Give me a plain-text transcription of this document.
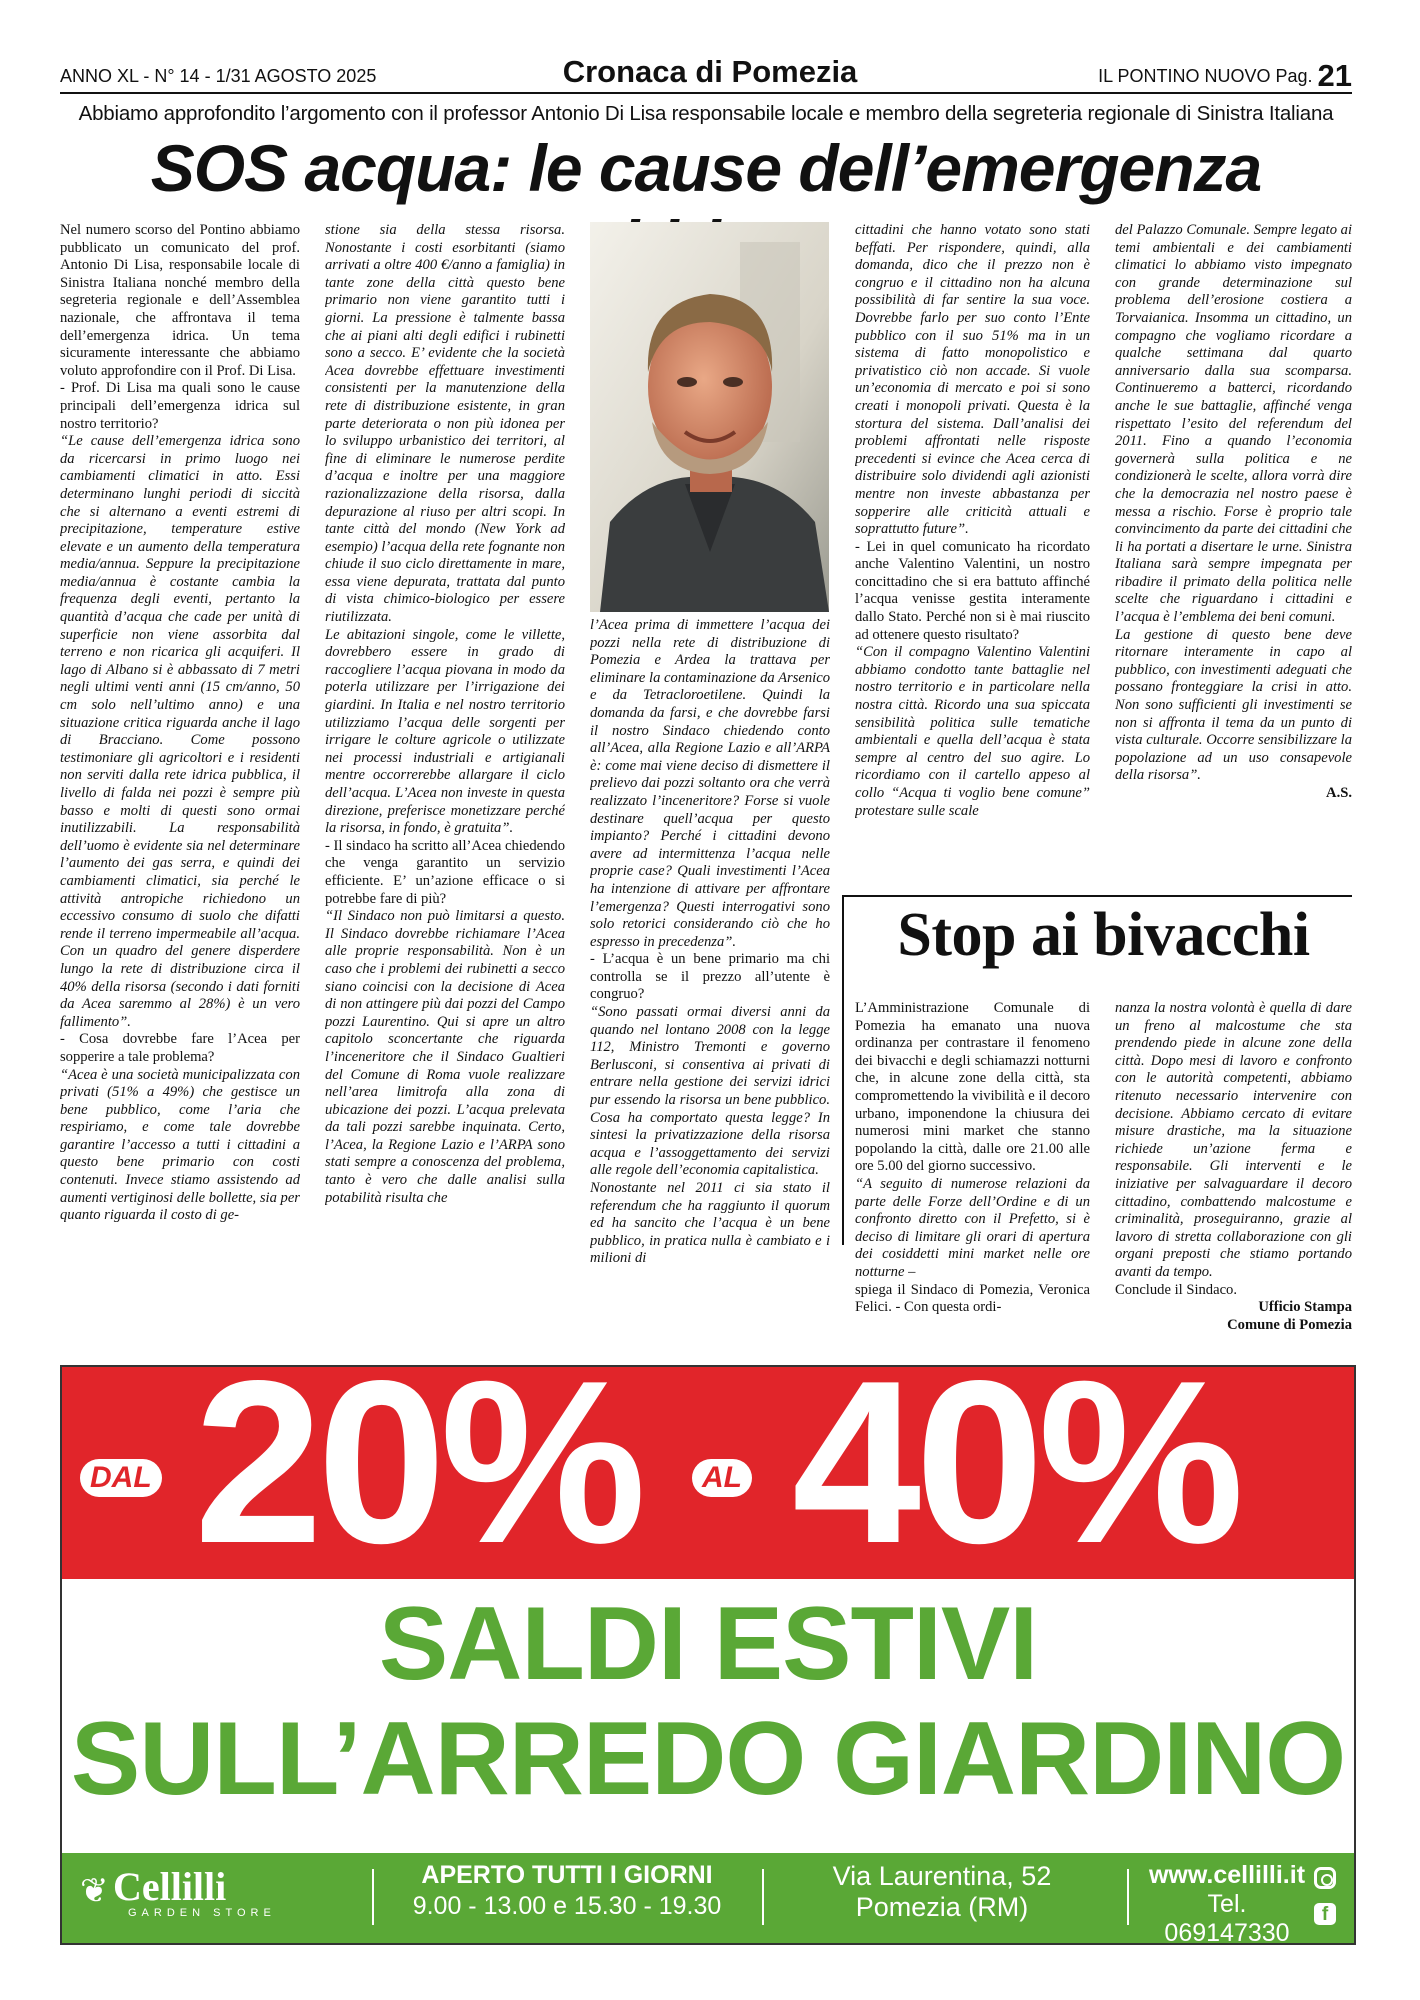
ANNO XL - N° 14 - 1/31 AGOSTO 2025	Cronaca di Pomezia	IL PONTINO NUOVO Pag. 21
Abbiamo approfondito l’argomento con il professor Antonio Di Lisa responsabile locale e membro della segreteria regionale di Sinistra Italiana
SOS acqua: le cause dell’emergenza

Nel numero scorso del Pontino abbiamo pubblicato un comunicato del prof. Antonio Di Lisa, responsabile locale di Sinistra Italiana nonché membro della segreteria regionale e dell’Assemblea nazionale, che affrontava il tema dell’emergenza idrica. Un tema sicuramente interessante che abbiamo voluto approfondire con il Prof. Di Lisa.

- Prof. Di Lisa ma quali sono le cause principali dell’emergenza idrica sul nostro territorio?

“Le cause dell’emergenza idrica sono da ricercarsi in primo luogo nei cambiamenti climatici in atto. Essi determinano lunghi periodi di siccità che si alternano a eventi estremi di precipitazione, temperature estive elevate e un aumento della temperatura media/annua. Seppure la precipitazione media/annua è costante cambia la frequenza degli eventi, pertanto la quantità d’acqua che cade per unità di superficie non viene assorbita dal terreno e non ricarica gli acquiferi. Il lago di Albano si è abbassato di 7 metri negli ultimi venti anni (15 cm/anno, 50 cm solo nell’ultimo anno) e una situazione critica riguarda anche il lago di Bracciano. Come possono testimoniare gli agricoltori e i residenti non serviti dalla rete idrica pubblica, il livello di falda nei pozzi è sempre più basso e molti di questi sono ormai inutilizzabili. La responsabilità dell’uomo è evidente sia nel determinare l’aumento dei gas serra, e quindi dei cambiamenti climatici, sia perché le attività antropiche richiedono un eccessivo consumo di suolo che difatti rende il terreno impermeabile all’acqua. Con un quadro del genere disperdere lungo la rete di distribuzione circa il 40% della risorsa (secondo i dati forniti da Acea saremmo al 28%) è un vero fallimento”.

- Cosa dovrebbe fare l’Acea per sopperire a tale problema?

“Acea è una società municipalizzata con privati (51% a 49%) che gestisce un bene pubblico, come l’aria che respiriamo, e come tale dovrebbe garantire l’accesso a tutti i cittadini a questo bene primario con costi contenuti. Invece stiamo assistendo ad aumenti vertiginosi delle bollette, sia per quanto riguarda il costo di ge-

stione sia della stessa risorsa. Nonostante i costi esorbitanti (siamo arrivati a oltre 400 €/anno a famiglia) in tante zone della città questo bene primario non viene garantito tutti i giorni. La pressione è talmente bassa che ai piani alti degli edifici i rubinetti sono a secco. E’ evidente che la società Acea dovrebbe effettuare investimenti consistenti per la manutenzione della rete di distribuzione esistente, in gran parte deteriorata o non più idonea per lo sviluppo urbanistico dei territori, al fine di eliminare le numerose perdite d’acqua e inoltre per una maggiore razionalizzazione della risorsa, dalla depurazione al riuso per altri scopi. In tante città del mondo (New York ad esempio) l’acqua della rete fognante non chiude il suo ciclo direttamente in mare, essa viene depurata, trattata dal punto di vista chimico-biologico per essere riutilizzata.

Le abitazioni singole, come le villette, dovrebbero essere in grado di raccogliere l’acqua piovana in modo da poterla utilizzare per l’irrigazione dei giardini. In Italia e nel nostro territorio utilizziamo l’acqua delle sorgenti per irrigare le colture agricole o utilizzate nei processi industriali e artigianali mentre occorrerebbe allargare il ciclo dell’acqua. L’Acea non investe in questa direzione, preferisce monetizzare perché la risorsa, in fondo, è gratuita”.

- Il sindaco ha scritto all’Acea chiedendo che venga garantito un servizio efficiente. E’ un’azione efficace o si potrebbe fare di più?

“Il Sindaco non può limitarsi a questo. Il Sindaco dovrebbe richiamare l’Acea alle proprie responsabilità. Non è un caso che i problemi dei rubinetti a secco siano coincisi con la decisione di Acea di non attingere più dai pozzi del Campo pozzi Laurentino. Qui si apre un altro capitolo sconcertante che riguarda l’inceneritore che il Sindaco Gualtieri del Comune di Roma vuole realizzare nell’area limitrofa alla zona di ubicazione dei pozzi. L’acqua prelevata da tali pozzi sarebbe inquinata. Certo, l’Acea, la Regione Lazio e l’ARPA sono stati sempre a conoscenza del problema, tanto è vero che dalle analisi sulla potabilità risulta che

l’Acea prima di immettere l’acqua dei pozzi nella rete di distribuzione di Pomezia e Ardea la trattava per eliminare la contaminazione da Arsenico e da Tetracloroetilene. Quindi la domanda da farsi, e che dovrebbe farsi il nostro Sindaco chiedendo conto all’Acea, alla Regione Lazio e all’ARPA è: come mai viene deciso di dismettere il prelievo dai pozzi soltanto ora che verrà realizzato l’inceneritore? Forse si vuole destinare quell’acqua per questo impianto? Perché i cittadini devono avere ad intermittenza l’acqua nelle proprie case? Quali investimenti l’Acea ha intenzione di attivare per affrontare l’emergenza? Questi interrogativi sono solo retorici considerando ciò che ho espresso in precedenza”.

- L’acqua è un bene primario ma chi controlla se il prezzo all’utente è congruo?

“Sono passati ormai diversi anni da quando nel lontano 2008 con la legge 112, Ministro Tremonti e governo Berlusconi, si consentiva ai privati di entrare nella gestione dei servizi idrici pur essendo la risorsa un bene pubblico. Cosa ha comportato questa legge? In sintesi la privatizzazione della risorsa acqua e l’assoggettamento dei servizi alle regole dell’economia capitalistica.

Nonostante nel 2011 ci sia stato il referendum che ha raggiunto il quorum ed ha sancito che l’acqua è un bene pubblico, in pratica nulla è cambiato e i milioni di

cittadini che hanno votato sono stati beffati. Per rispondere, quindi, alla domanda, dico che il prezzo non è congruo e il cittadino non ha alcuna possibilità di far sentire la sua voce. Dovrebbe farlo per suo conto l’Ente pubblico con il suo 51% ma in un sistema di fatto monopolistico e privatistico ciò non accade. Si vuole un’economia di mercato e poi si sono creati i monopoli privati. Questa è la stortura del sistema. Dall’analisi dei problemi affrontati nelle risposte precedenti si evince che Acea cerca di distribuire solo dividendi agli azionisti mentre non investe abbastanza per sopperire alle criticità attuali e soprattutto future”.

- Lei in quel comunicato ha ricordato anche Valentino Valentini, un nostro concittadino che si era battuto affinché l’acqua venisse gestita interamente dallo Stato. Perché non si è mai riuscito ad ottenere questo risultato?

“Con il compagno Valentino Valentini abbiamo condotto tante battaglie nel nostro territorio e in particolare nella nostra città. Ricordo una sua spiccata sensibilità politica sulle tematiche ambientali e quella dell’acqua è stata sempre al centro del suo agire. Lo ricordiamo con il cartello appeso al collo “Acqua ti voglio bene comune” protestare sulle scale

del Palazzo Comunale. Sempre legato ai temi ambientali e dei cambiamenti climatici lo abbiamo visto impegnato con grande determinazione sul problema dell’erosione costiera a Torvaianica. Insomma un cittadino, un compagno che vogliamo ricordare a qualche settimana dal quarto anniversario dalla sua scomparsa. Continueremo a batterci, ricordando anche le sue battaglie, affinché venga rispettato l’esito del referendum del 2011. Fino a quando l’economia governerà sulla politica e ne condizionerà le scelte, allora vorrà dire che la democrazia nel nostro paese è messa a rischio. Forse è proprio tale convincimento da parte dei cittadini che li ha portati a disertare le urne. Sinistra Italiana sarà sempre impegnata per ribadire il primato della politica nelle scelte che riguardano i cittadini e l’acqua è l’emblema dei beni comuni.

La gestione di questo bene deve ritornare interamente in capo al pubblico, con investimenti adeguati che possano fronteggiare la crisi in atto. Non sono sufficienti gli investimenti se non si affronta il tema da un punto di vista culturale. Occorre sensibilizzare la popolazione ad un uso consapevole della risorsa”.

A.S.

Stop ai bivacchi

L’Amministrazione Comunale di Pomezia ha emanato una nuova ordinanza per contrastare il fenomeno dei bivacchi e degli schiamazzi notturni che, in alcune zone della città, sta compromettendo la vivibilità e il decoro urbano, imponendone la chiusura dei numerosi mini market che stanno popolando la città, dalle ore 21.00 alle ore 5.00 del giorno successivo.

“A seguito di numerose relazioni da parte delle Forze dell’Ordine e di un confronto diretto con il Prefetto, si è deciso di limitare gli orari di apertura dei cosiddetti mini market nelle ore notturne –

spiega il Sindaco di Pomezia, Veronica Felici. - Con questa ordi-

nanza la nostra volontà è quella di dare un freno al malcostume che sta prendendo piede in alcune zone della città. Dopo mesi di lavoro e confronto con le autorità competenti, abbiamo ritenuto necessario intervenire con decisione. Abbiamo cercato di evitare misure drastiche, ma la situazione richiede un’azione ferma e responsabile. Gli interventi e le iniziative per salvaguardare il decoro cittadino, combattendo malcostume e criminalità, proseguiranno, grazie al lavoro di stretta collaborazione con gli organi preposti che stiamo portando avanti da tempo.

Concludе il Sindaco.

Ufficio Stampa

Comune di Pomezia

DAL 20%	AL 40%
SALDI ESTIVI
SULL’ARREDO GIARDINO
❦ Cellilli
GARDEN STORE
APERTO TUTTI I GIORNI
9.00 - 13.00 e 15.30 - 19.30
Via Laurentina, 52
Pomezia (RM)
www.cellilli.it
Tel. 069147330
f
